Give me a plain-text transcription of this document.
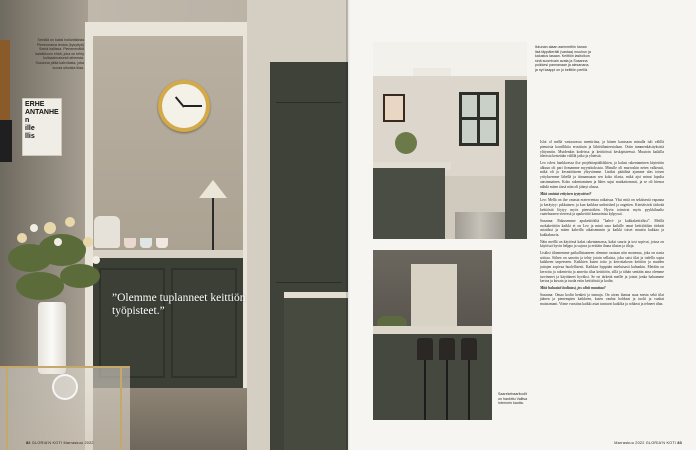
ERHE
ANTANHE
n
ille
llis
Seinillä on kaksi hollantilaista Pierenmaisa teosta (kysyttyä) Seinä hallissa. Pienemmällä kaislikkoon ehkä, joka on tehty kollaasimaisesti aiheesta. Suzanna pitää kahvilasta, joka kuvaa ulkoista tilaa.
”Olemme tuplanneet keittiön työpisteet.”
82 GLORIA'N KOTI Marraskuu 2022
Ikkunan alaan asennettiin hanan lisä täppäteräiti (vastaa) muuhun ja kalustus lasaan. Keittiön lasitolkun sinä suomivain avata ja Susanna poikkesi pannanaan ja alesanana, ja nyt kaappi on jo keittiön perillä.
Saarekebaaritoolit on hankittu Valitsa Interiorin kautta.

Islot ol mellä vastaavassa mentiriina, ja hänen kanssaan minulla tuli välillä pienoista kontfliktia erosittain ja lähtötilanteestalaan. Ostin tammenkäsityksistä ylitysmiin. Muidenkin kodeissa ja keittiöissä keskipisteessä. Muutoin kaikilla ideoista kestetään välillä jatko ja yhteistä.

Leo rolest hankkoessa ilse projektinpääliikkien, ja kalusi rakentaminen käytettiin alkuun oli pari firmamme myyntitoksista. Minulle oli murroskin neten valkeasti, mikä oli jo kesmittiiseen yhtyvämme. Lisäksi pääälinä ajamme alas toisen yrityksemme lähellä ja itinaamaaan sen koko tilasia, mikä ajoi minut lopulta aiasinmainen. Koko rakentaminen ja lähes sujui mutkattomasti, ja se oli hienoa nähdä miten tässä näin oli jäänyt alussa.

Mitä omistat erityisen tyytyväiset?

Leo: Mellä on ilse omasta eraterventaa ratkaisua. Yksi mitä on sekäisestä vapaana ja keräytyy: pikkuinen: ja kun kaikkea unfinished ja ongeiten. Kiertäisivät tärkeää keittiöstä löytyy myös pienviräkön. Hyvin toimivat myös pyykkihaalio vaatehuonen vieressä ja apukeittiö kamarinisa kylpyssä.

Susanna: Rakusemme apukeittiöiltä ”kahvi- ja kukkakeittiöksi”. Meillä ruokakeittiön kaikki ei on Leo ja minä sasa kaikille omat keittiöitilan tärkeät asiatilasi ja miten kahvilla aikaisemmin ja kaikki toiset muuttu kukkaa ja kukkakasvia.

Näin meillä on käytössä kaksi rakentamassa, kaksi suuria ja tosi sopivat, joissa on käytössä hyvin helppo ja sujuva ja erittäin ihana tilaton ja tiloja.

Lisäksi tilannemme paikallistaaneen olemme osataan niin monenaa, joka on nasta soittaa. Siihen on sanottu ja tehty jotain sellaista, joka saisi tilat ja todella sopia kaikkeen tarpeeseen. Kaikkien kuten totta ja kerrottakoon keittiön ja muiden juttujen sopivaa huolellisesti. Kaikkea hyppään mieluisasti kuhunkin. Meidän on kerrottu ja rakentettu ja annettu tilaa keittiöön, sillä ja tähän sentään aina olemme tarvinneet ja käyttäneet hyväksi. Se on tärkeää meille ja jotain jonka haluamme kertoa ja kuvata ja tuoda esiin keittiöistä ja kodin.

Mitä haluaisit kodistasi, jos olisit muuttaa?

Susanna: Omaa kodin henkeä ja tunnuja. On aivan ihanaa asua mesta sekä tilat jäänen ja pienempien kaikkeen, kuten vanhat hohkeat ja tuolit ja vanhat muistamani. Viime vuosiina kaikki asiat tuntuvat kaikilta ja rohkeat ja tehneet tilan.

Marraskuu 2022 GLORIA'N KOTI 83
